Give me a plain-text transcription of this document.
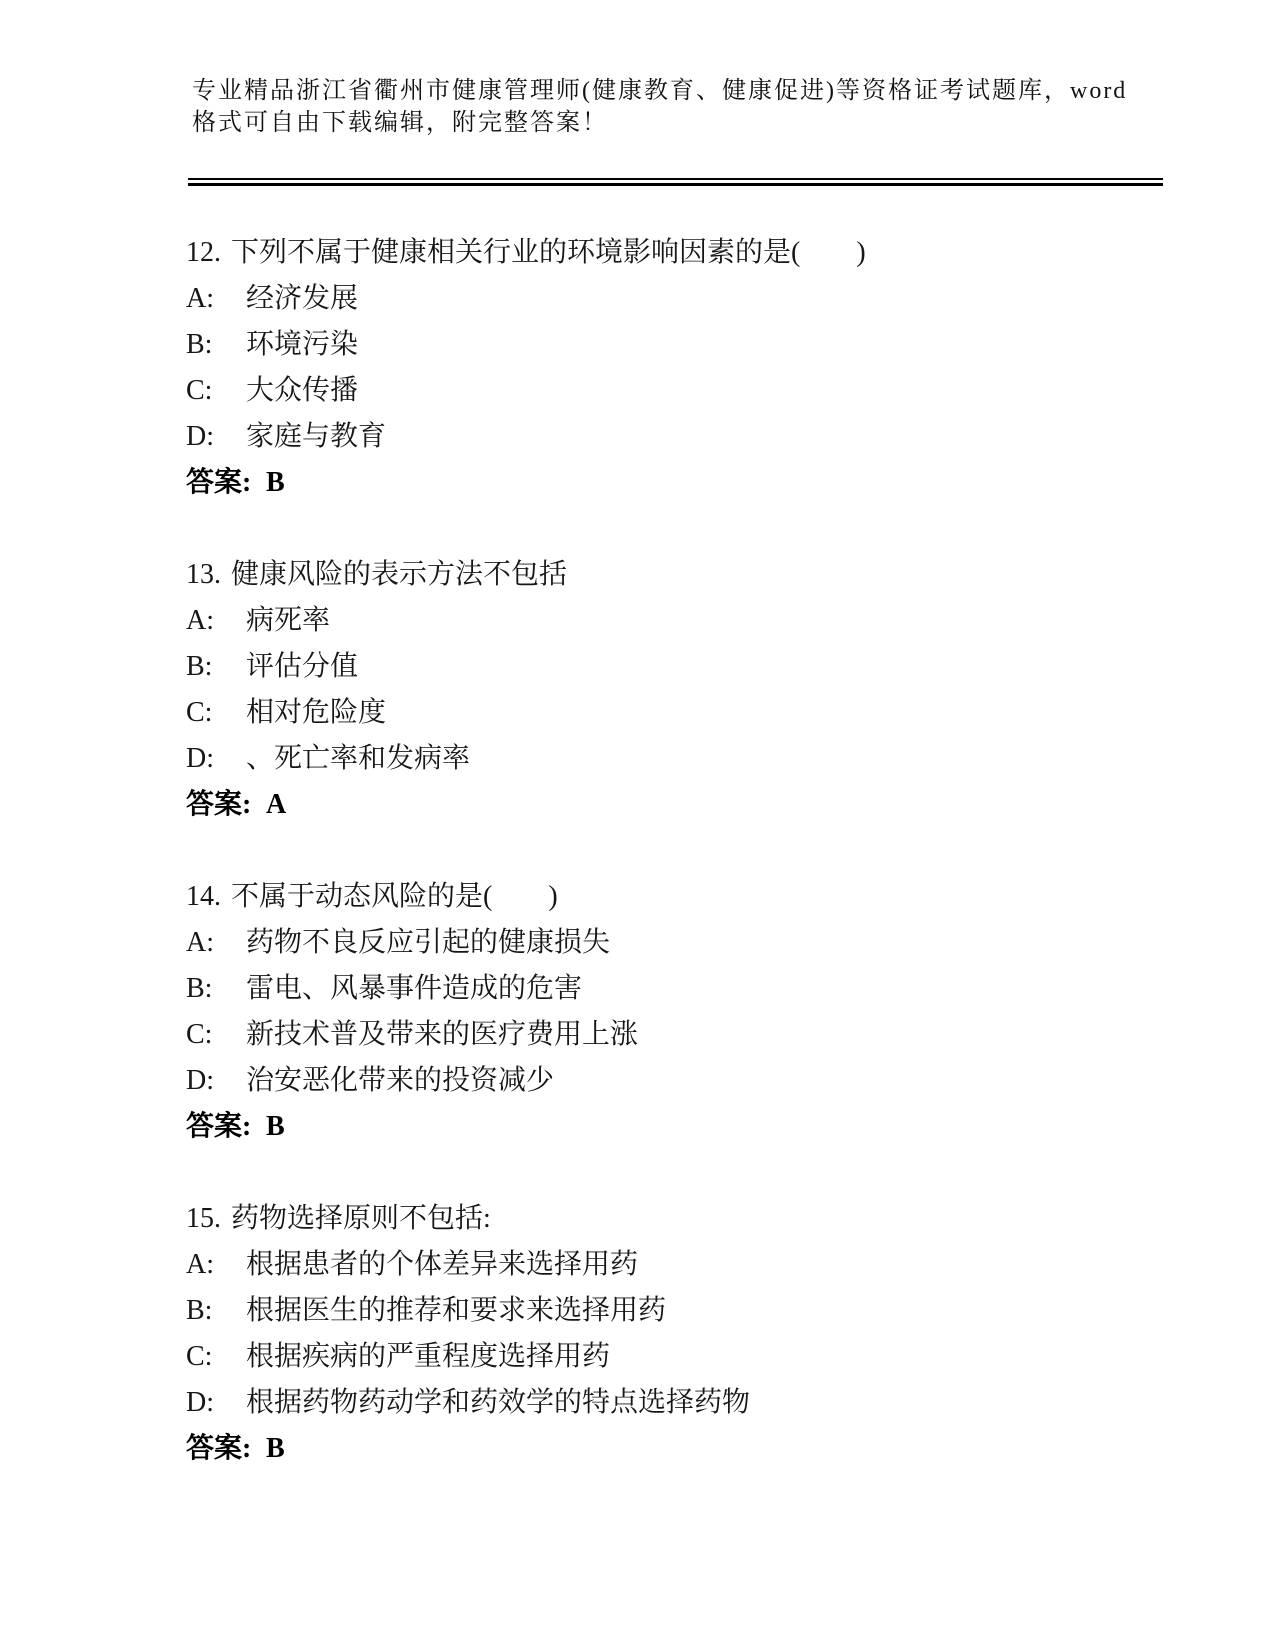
专业精品浙江省衢州市健康管理师(健康教育、健康促进)等资格证考试题库，word
格式可自由下载编辑，附完整答案！
12. 下列不属于健康相关行业的环境影响因素的是(　　)
A: 经济发展
B: 环境污染
C: 大众传播
D: 家庭与教育
答案: B
13. 健康风险的表示方法不包括
A: 病死率
B: 评估分值
C: 相对危险度
D: 、死亡率和发病率
答案: A
14. 不属于动态风险的是(　　)
A: 药物不良反应引起的健康损失
B: 雷电、风暴事件造成的危害
C: 新技术普及带来的医疗费用上涨
D: 治安恶化带来的投资减少
答案: B
15. 药物选择原则不包括:
A: 根据患者的个体差异来选择用药
B: 根据医生的推荐和要求来选择用药
C: 根据疾病的严重程度选择用药
D: 根据药物药动学和药效学的特点选择药物
答案: B
